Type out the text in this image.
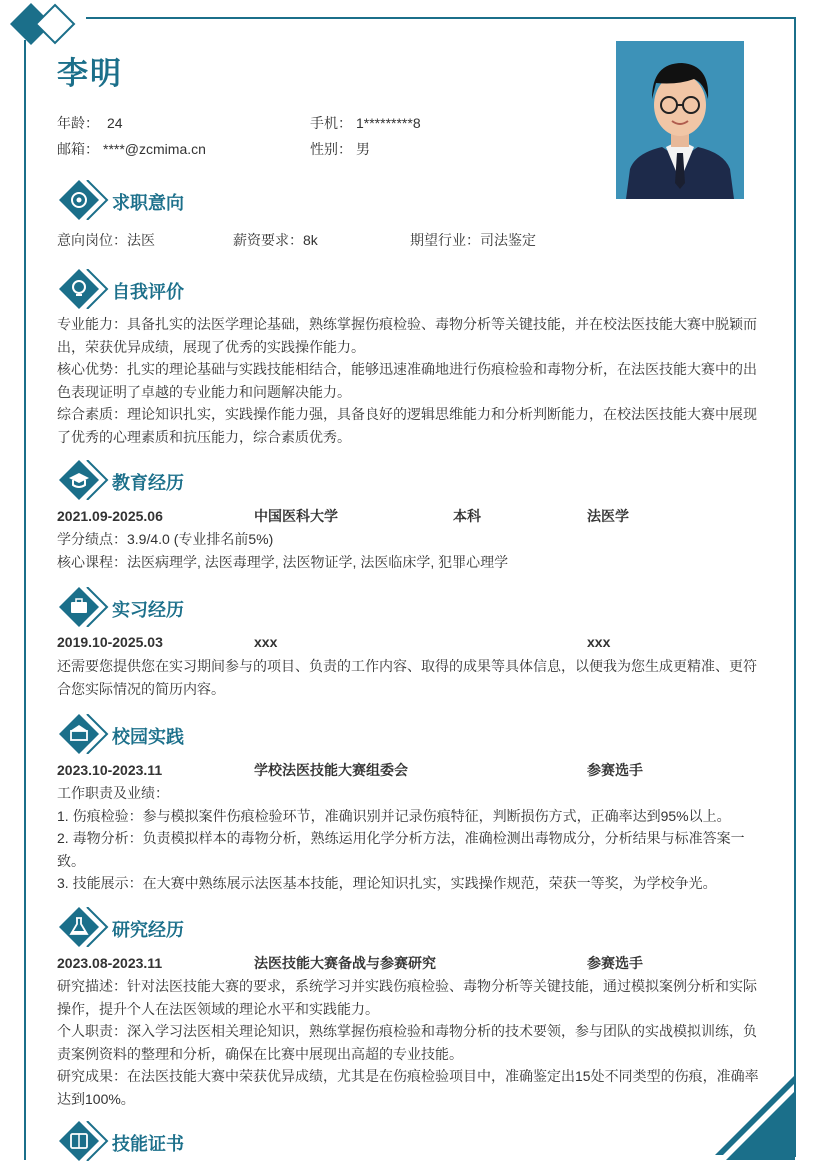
李明
年龄： 24	手机： 1*********8
邮箱： ****@zcmima.cn	性别： 男
求职意向
意向岗位：法医	薪资要求：8k	期望行业：司法鉴定
自我评价

专业能力：具备扎实的法医学理论基础，熟练掌握伤痕检验、毒物分析等关键技能，并在校法医技能大赛中脱颖而出，荣获优异成绩，展现了优秀的实践操作能力。

核心优势：扎实的理论基础与实践技能相结合，能够迅速准确地进行伤痕检验和毒物分析，在法医技能大赛中的出色表现证明了卓越的专业能力和问题解决能力。

综合素质：理论知识扎实，实践操作能力强，具备良好的逻辑思维能力和分析判断能力，在校法医技能大赛中展现了优秀的心理素质和抗压能力，综合素质优秀。

教育经历
2021.09-2025.06	中国医科大学	本科	法医学

学分绩点：3.9/4.0 (专业排名前5%)

核心课程：法医病理学, 法医毒理学, 法医物证学, 法医临床学, 犯罪心理学

实习经历
2019.10-2025.03	xxx	xxx

还需要您提供您在实习期间参与的项目、负责的工作内容、取得的成果等具体信息，以便我为您生成更精准、更符合您实际情况的简历内容。

校园实践
2023.10-2023.11	学校法医技能大赛组委会	参赛选手

工作职责及业绩：

1. 伤痕检验：参与模拟案件伤痕检验环节，准确识别并记录伤痕特征，判断损伤方式，正确率达到95%以上。

2. 毒物分析：负责模拟样本的毒物分析，熟练运用化学分析方法，准确检测出毒物成分，分析结果与标准答案一致。

3. 技能展示：在大赛中熟练展示法医基本技能，理论知识扎实，实践操作规范，荣获一等奖，为学校争光。

研究经历
2023.08-2023.11	法医技能大赛备战与参赛研究	参赛选手

研究描述：针对法医技能大赛的要求，系统学习并实践伤痕检验、毒物分析等关键技能，通过模拟案例分析和实际操作，提升个人在法医领域的理论水平和实践能力。

个人职责：深入学习法医相关理论知识，熟练掌握伤痕检验和毒物分析的技术要领，参与团队的实战模拟训练，负责案例资料的整理和分析，确保在比赛中展现出高超的专业技能。

研究成果：在法医技能大赛中荣获优异成绩，尤其是在伤痕检验项目中，准确鉴定出15处不同类型的伤痕，准确率达到100%。

技能证书
